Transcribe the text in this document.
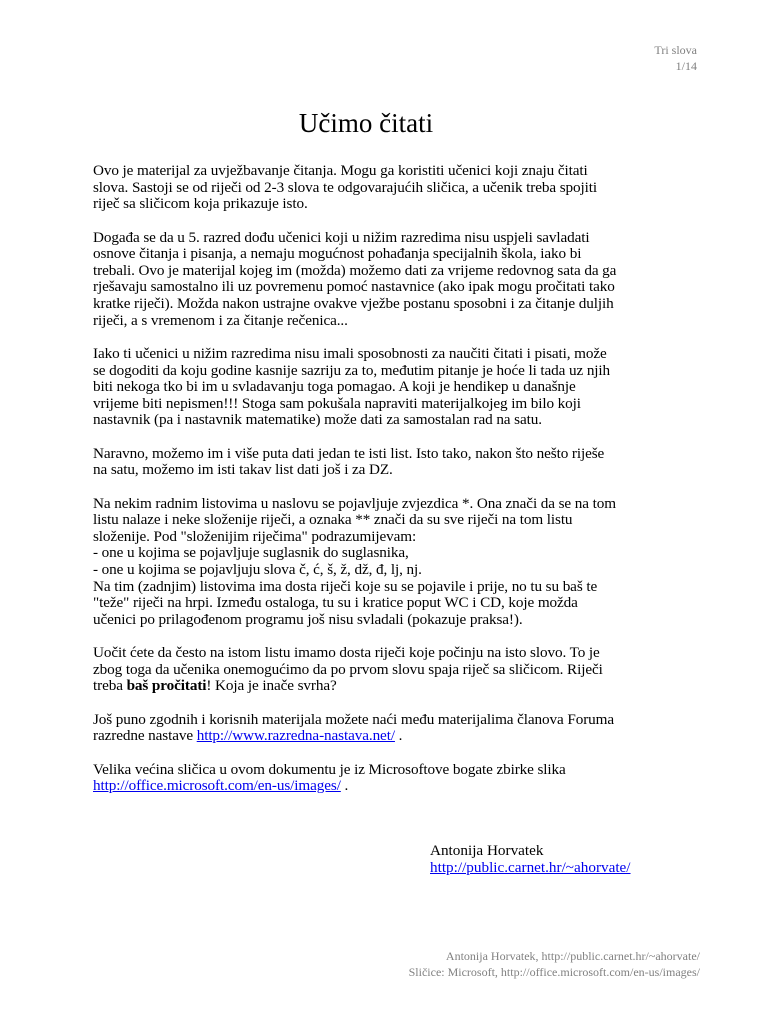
Tri slova
1/14
Učimo čitati

Ovo je materijal za uvježbavanje čitanja. Mogu ga koristiti učenici koji znaju čitati
slova. Sastoji se od riječi od 2-3 slova te odgovarajućih sličica, a učenik treba spojiti
riječ sa sličicom koja prikazuje isto.

Događa se da u 5. razred dođu učenici koji u nižim razredima nisu uspjeli savladati
osnove čitanja i pisanja, a nemaju mogućnost pohađanja specijalnih škola, iako bi
trebali. Ovo je materijal kojeg im (možda) možemo dati za vrijeme redovnog sata da ga
rješavaju samostalno ili uz povremenu pomoć nastavnice (ako ipak mogu pročitati tako
kratke riječi). Možda nakon ustrajne ovakve vježbe postanu sposobni i za čitanje duljih
riječi, a s vremenom i za čitanje rečenica...

Iako ti učenici u nižim razredima nisu imali sposobnosti za naučiti čitati i pisati, može
se dogoditi da koju godine kasnije sazriju za to, međutim pitanje je hoće li tada uz njih
biti nekoga tko bi im u svladavanju toga pomagao. A koji je hendikep u današnje
vrijeme biti nepismen!!! Stoga sam pokušala napraviti materijalkojeg im bilo koji
nastavnik (pa i nastavnik matematike) može dati za samostalan rad na satu.

Naravno, možemo im i više puta dati jedan te isti list. Isto tako, nakon što nešto riješe
na satu, možemo im isti takav list dati još i za DZ.

Na nekim radnim listovima u naslovu se pojavljuje zvjezdica *. Ona znači da se na tom
listu nalaze i neke složenije riječi, a oznaka ** znači da su sve riječi na tom listu
složenije. Pod "složenijim riječima" podrazumijevam:
- one u kojima se pojavljuje suglasnik do suglasnika,
- one u kojima se pojavljuju slova č, ć, š, ž, dž, đ, lj, nj.
Na tim (zadnjim) listovima ima dosta riječi koje su se pojavile i prije, no tu su baš te
"teže" riječi na hrpi. Između ostaloga, tu su i kratice poput WC i CD, koje možda
učenici po prilagođenom programu još nisu svladali (pokazuje praksa!).

Uočit ćete da često na istom listu imamo dosta riječi koje počinju na isto slovo. To je
zbog toga da učenika onemogućimo da po prvom slovu spaja riječ sa sličicom. Riječi
treba baš pročitati! Koja je inače svrha?

Još puno zgodnih i korisnih materijala možete naći među materijalima članova Foruma
razredne nastave http://www.razredna-nastava.net/ .

Velika većina sličica u ovom dokumentu je iz Microsoftove bogate zbirke slika
http://office.microsoft.com/en-us/images/ .

Antonija Horvatek
http://public.carnet.hr/~ahorvate/
Antonija Horvatek, http://public.carnet.hr/~ahorvate/
Sličice: Microsoft, http://office.microsoft.com/en-us/images/
